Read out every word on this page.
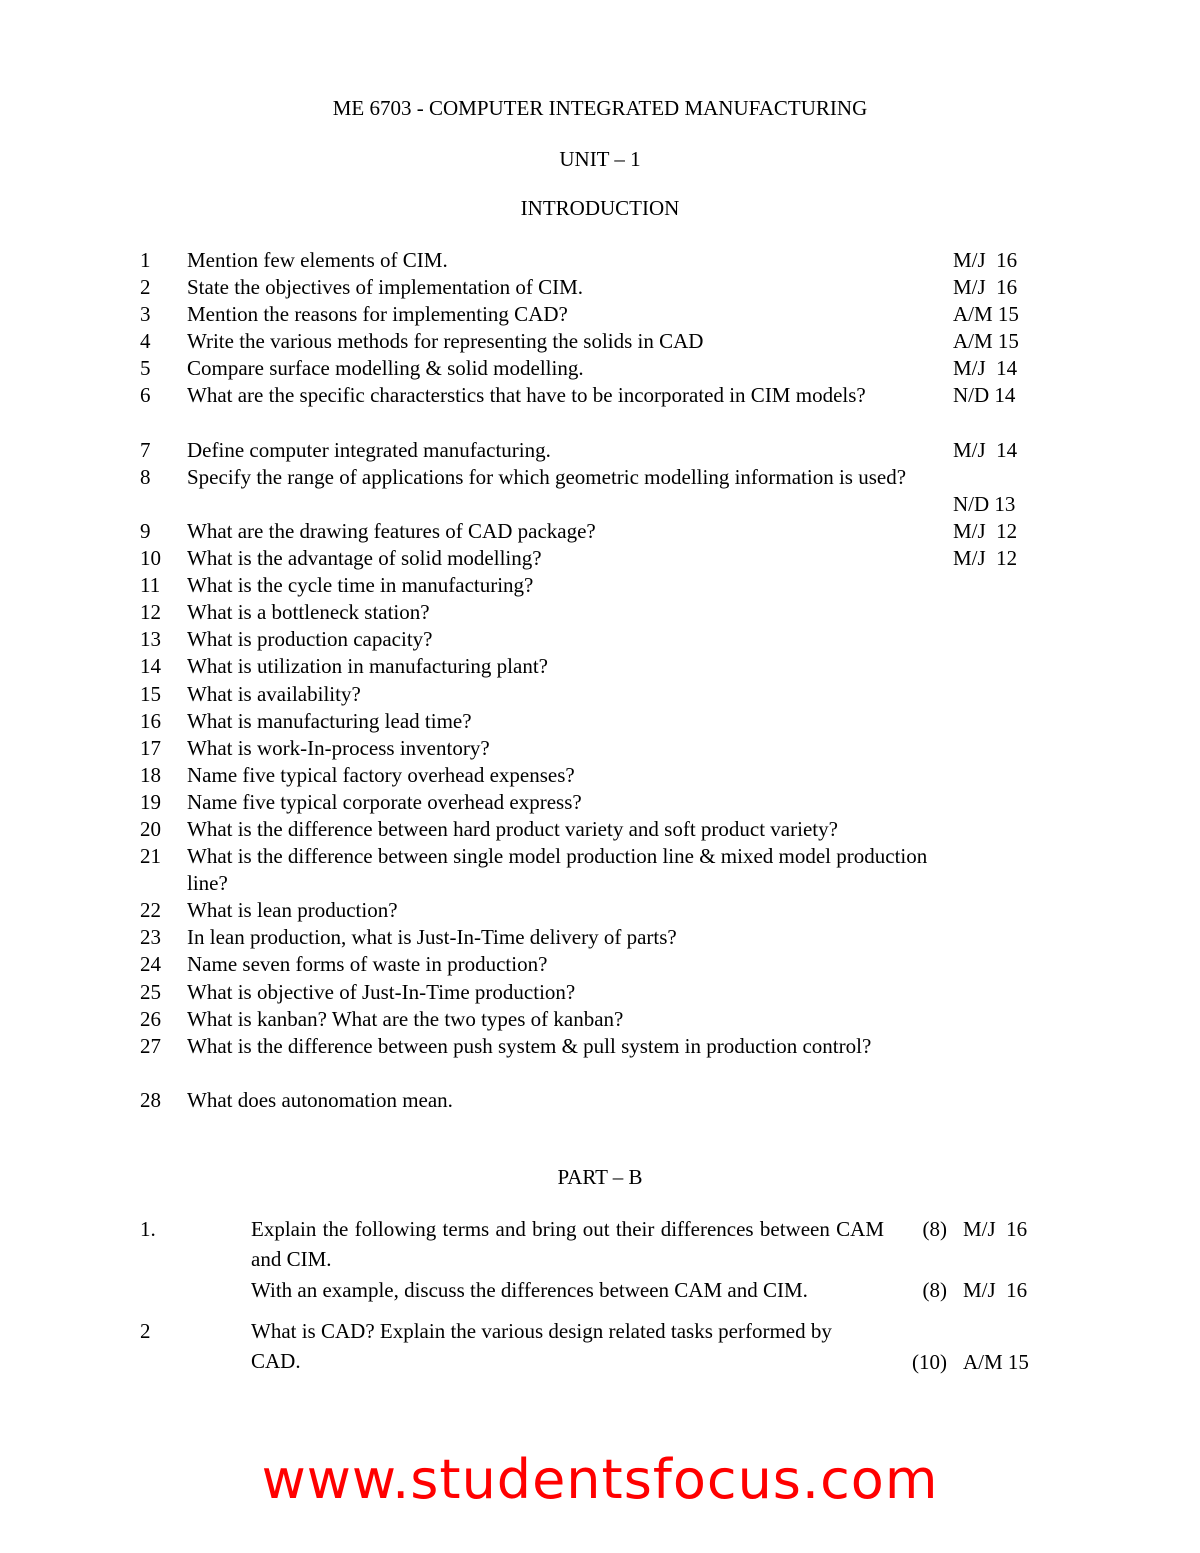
ME 6703 - COMPUTER INTEGRATED MANUFACTURING
UNIT – 1
INTRODUCTION
1	Mention few elements of CIM.	M/J  16
2	State the objectives of implementation of CIM.	M/J  16
3	Mention the reasons for implementing CAD?	A/M 15
4	Write the various methods for representing the solids in CAD	A/M 15
5	Compare surface modelling & solid modelling.	M/J  14
6	What are the specific characterstics that have to be incorporated in CIM models?	N/D 14
7	Define computer integrated manufacturing.	M/J  14
8	Specify the range of applications for which geometric modelling information is used?
N/D 13
9	What are the drawing features of CAD package?	M/J  12
10	What is the advantage of solid modelling?	M/J  12
11	What is the cycle time in manufacturing?
12	What is a bottleneck station?
13	What is production capacity?
14	What is utilization in manufacturing plant?
15	What is availability?
16	What is manufacturing lead time?
17	What is work-In-process inventory?
18	Name five typical factory overhead expenses?
19	Name five typical corporate overhead express?
20	What is the difference between hard product variety and soft product variety?
21	What is the difference between single model production line & mixed model production line?
22	What is lean production?
23	In lean production, what is Just-In-Time delivery of parts?
24	Name seven forms of waste in production?
25	What is objective of Just-In-Time production?
26	What is kanban? What are the two types of kanban?
27	What is the difference between push system & pull system in production control?
28	What does autonomation mean.
PART – B
1.	Explain the following terms and bring out their differences between CAM and CIM.
(8) M/J  16
With an example, discuss the differences between CAM and CIM.	(8) M/J  16
2	What is CAD? Explain the various design related tasks performed by CAD.	(10) A/M 15
www.studentsfocus.com
